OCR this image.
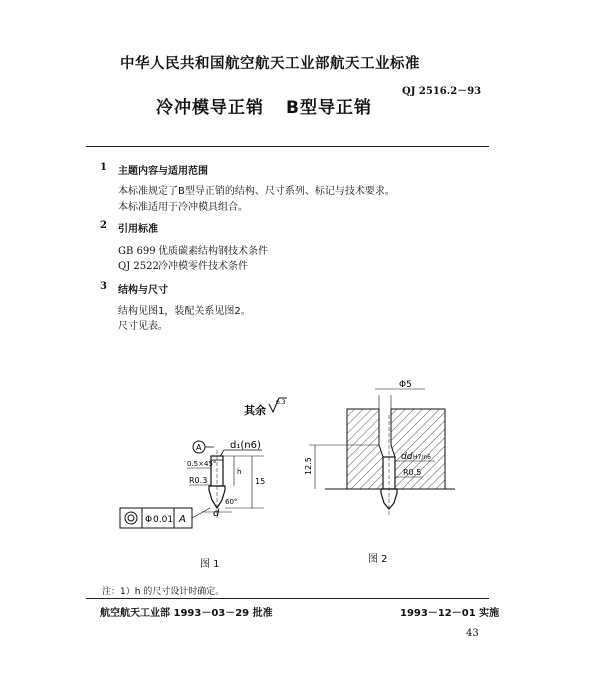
中华人民共和国航空航天工业部航天工业标准
QJ 2516.2－93
冷冲模导正销 B型导正销
1 主题内容与适用范围
本标准规定了B型导正销的结构、尺寸系列、标记与技术要求。
本标准适用于冷冲模具组合。
2 引用标准
GB 699 优质碳素结构钢技术条件
QJ 2522冷冲模零件技术条件
3 结构与尺寸
结构见图1，装配关系见图2。
尺寸见表。
其余
6.3
A	d₁(n6)
0.5×45°
R0.3
h
15
60°
d
Φ 0.01 A
图 1
Φ5
12.5
dd H7/n6
R0.5
图 2
注：1）h 的尺寸设计时确定。
航空航天工业部 1993－03－29 批准	1993－12－01 实施
43
